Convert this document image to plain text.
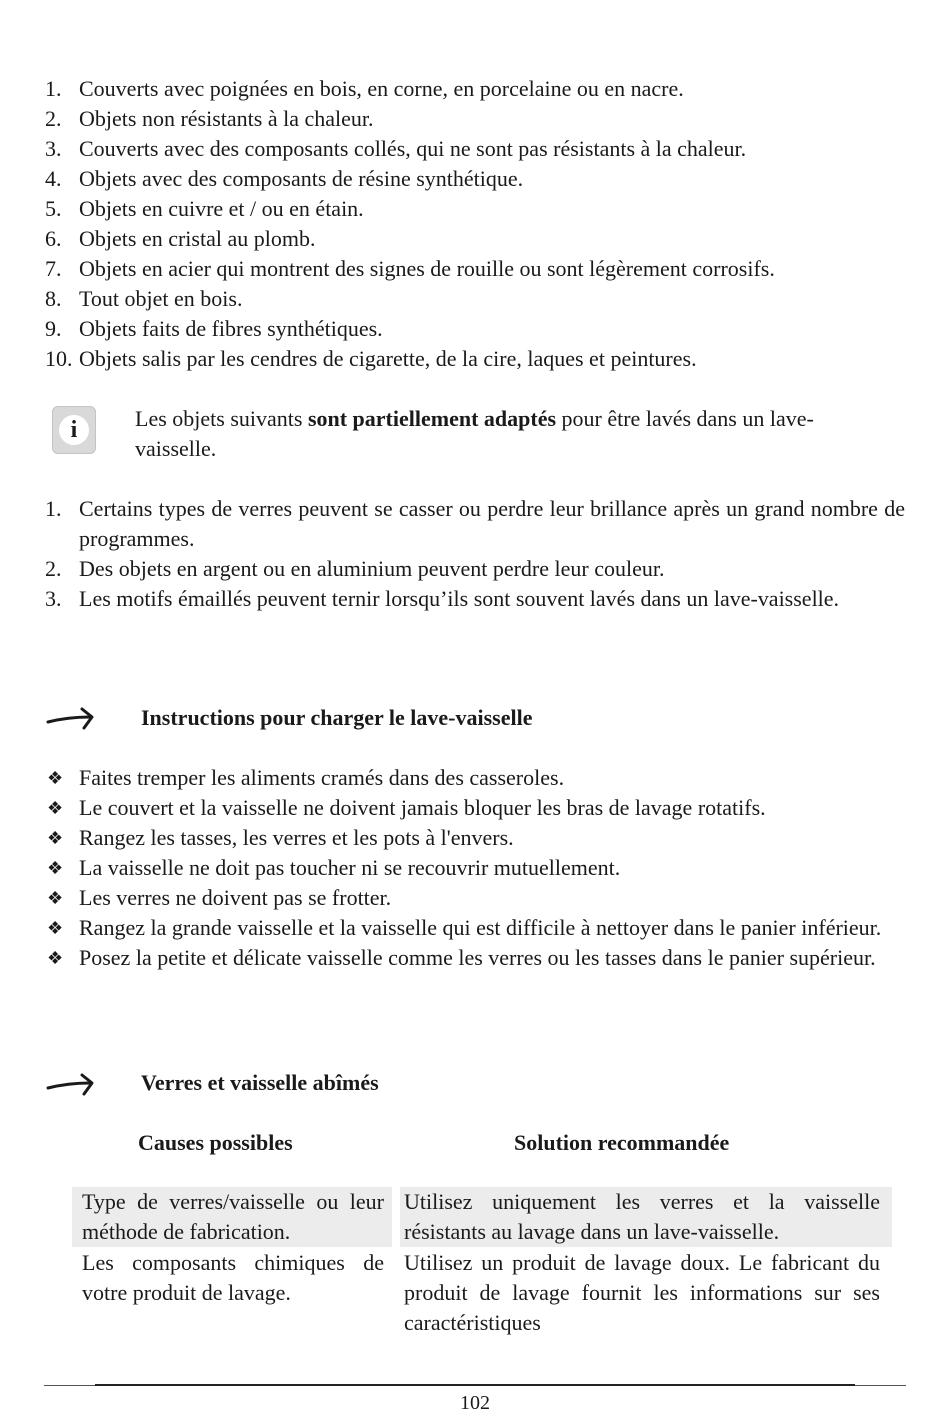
1. Couverts avec poignées en bois, en corne, en porcelaine ou en nacre.
2. Objets non résistants à la chaleur.
3. Couverts avec des composants collés, qui ne sont pas résistants à la chaleur.
4. Objets avec des composants de résine synthétique.
5. Objets en cuivre et / ou en étain.
6. Objets en cristal au plomb.
7. Objets en acier qui montrent des signes de rouille ou sont légèrement corrosifs.
8. Tout objet en bois.
9. Objets faits de fibres synthétiques.
10. Objets salis par les cendres de cigarette, de la cire, laques et peintures.
i	Les objets suivants sont partiellement adaptés pour être lavés dans un lave-vaisselle.
1. Certains types de verres peuvent se casser ou perdre leur brillance après un grand nombre de programmes.
2. Des objets en argent ou en aluminium peuvent perdre leur couleur.
3. Les motifs émaillés peuvent ternir lorsqu’ils sont souvent lavés dans un lave-vaisselle.
Instructions pour charger le lave-vaisselle
❖ Faites tremper les aliments cramés dans des casseroles.
❖ Le couvert et la vaisselle ne doivent jamais bloquer les bras de lavage rotatifs.
❖ Rangez les tasses, les verres et les pots à l'envers.
❖ La vaisselle ne doit pas toucher ni se recouvrir mutuellement.
❖ Les verres ne doivent pas se frotter.
❖ Rangez la grande vaisselle et la vaisselle qui est difficile à nettoyer dans le panier inférieur.
❖ Posez la petite et délicate vaisselle comme les verres ou les tasses dans le panier supérieur.
Verres et vaisselle abîmés
Causes possibles	Solution recommandée
Type de verres/vaisselle ou leur méthode de fabrication.
Utilisez uniquement les verres et la vaisselle résistants au lavage dans un lave-vaisselle.
Les composants chimiques de votre produit de lavage.
Utilisez un produit de lavage doux. Le fabricant du produit de lavage fournit les informations sur ses caractéristiques
102
